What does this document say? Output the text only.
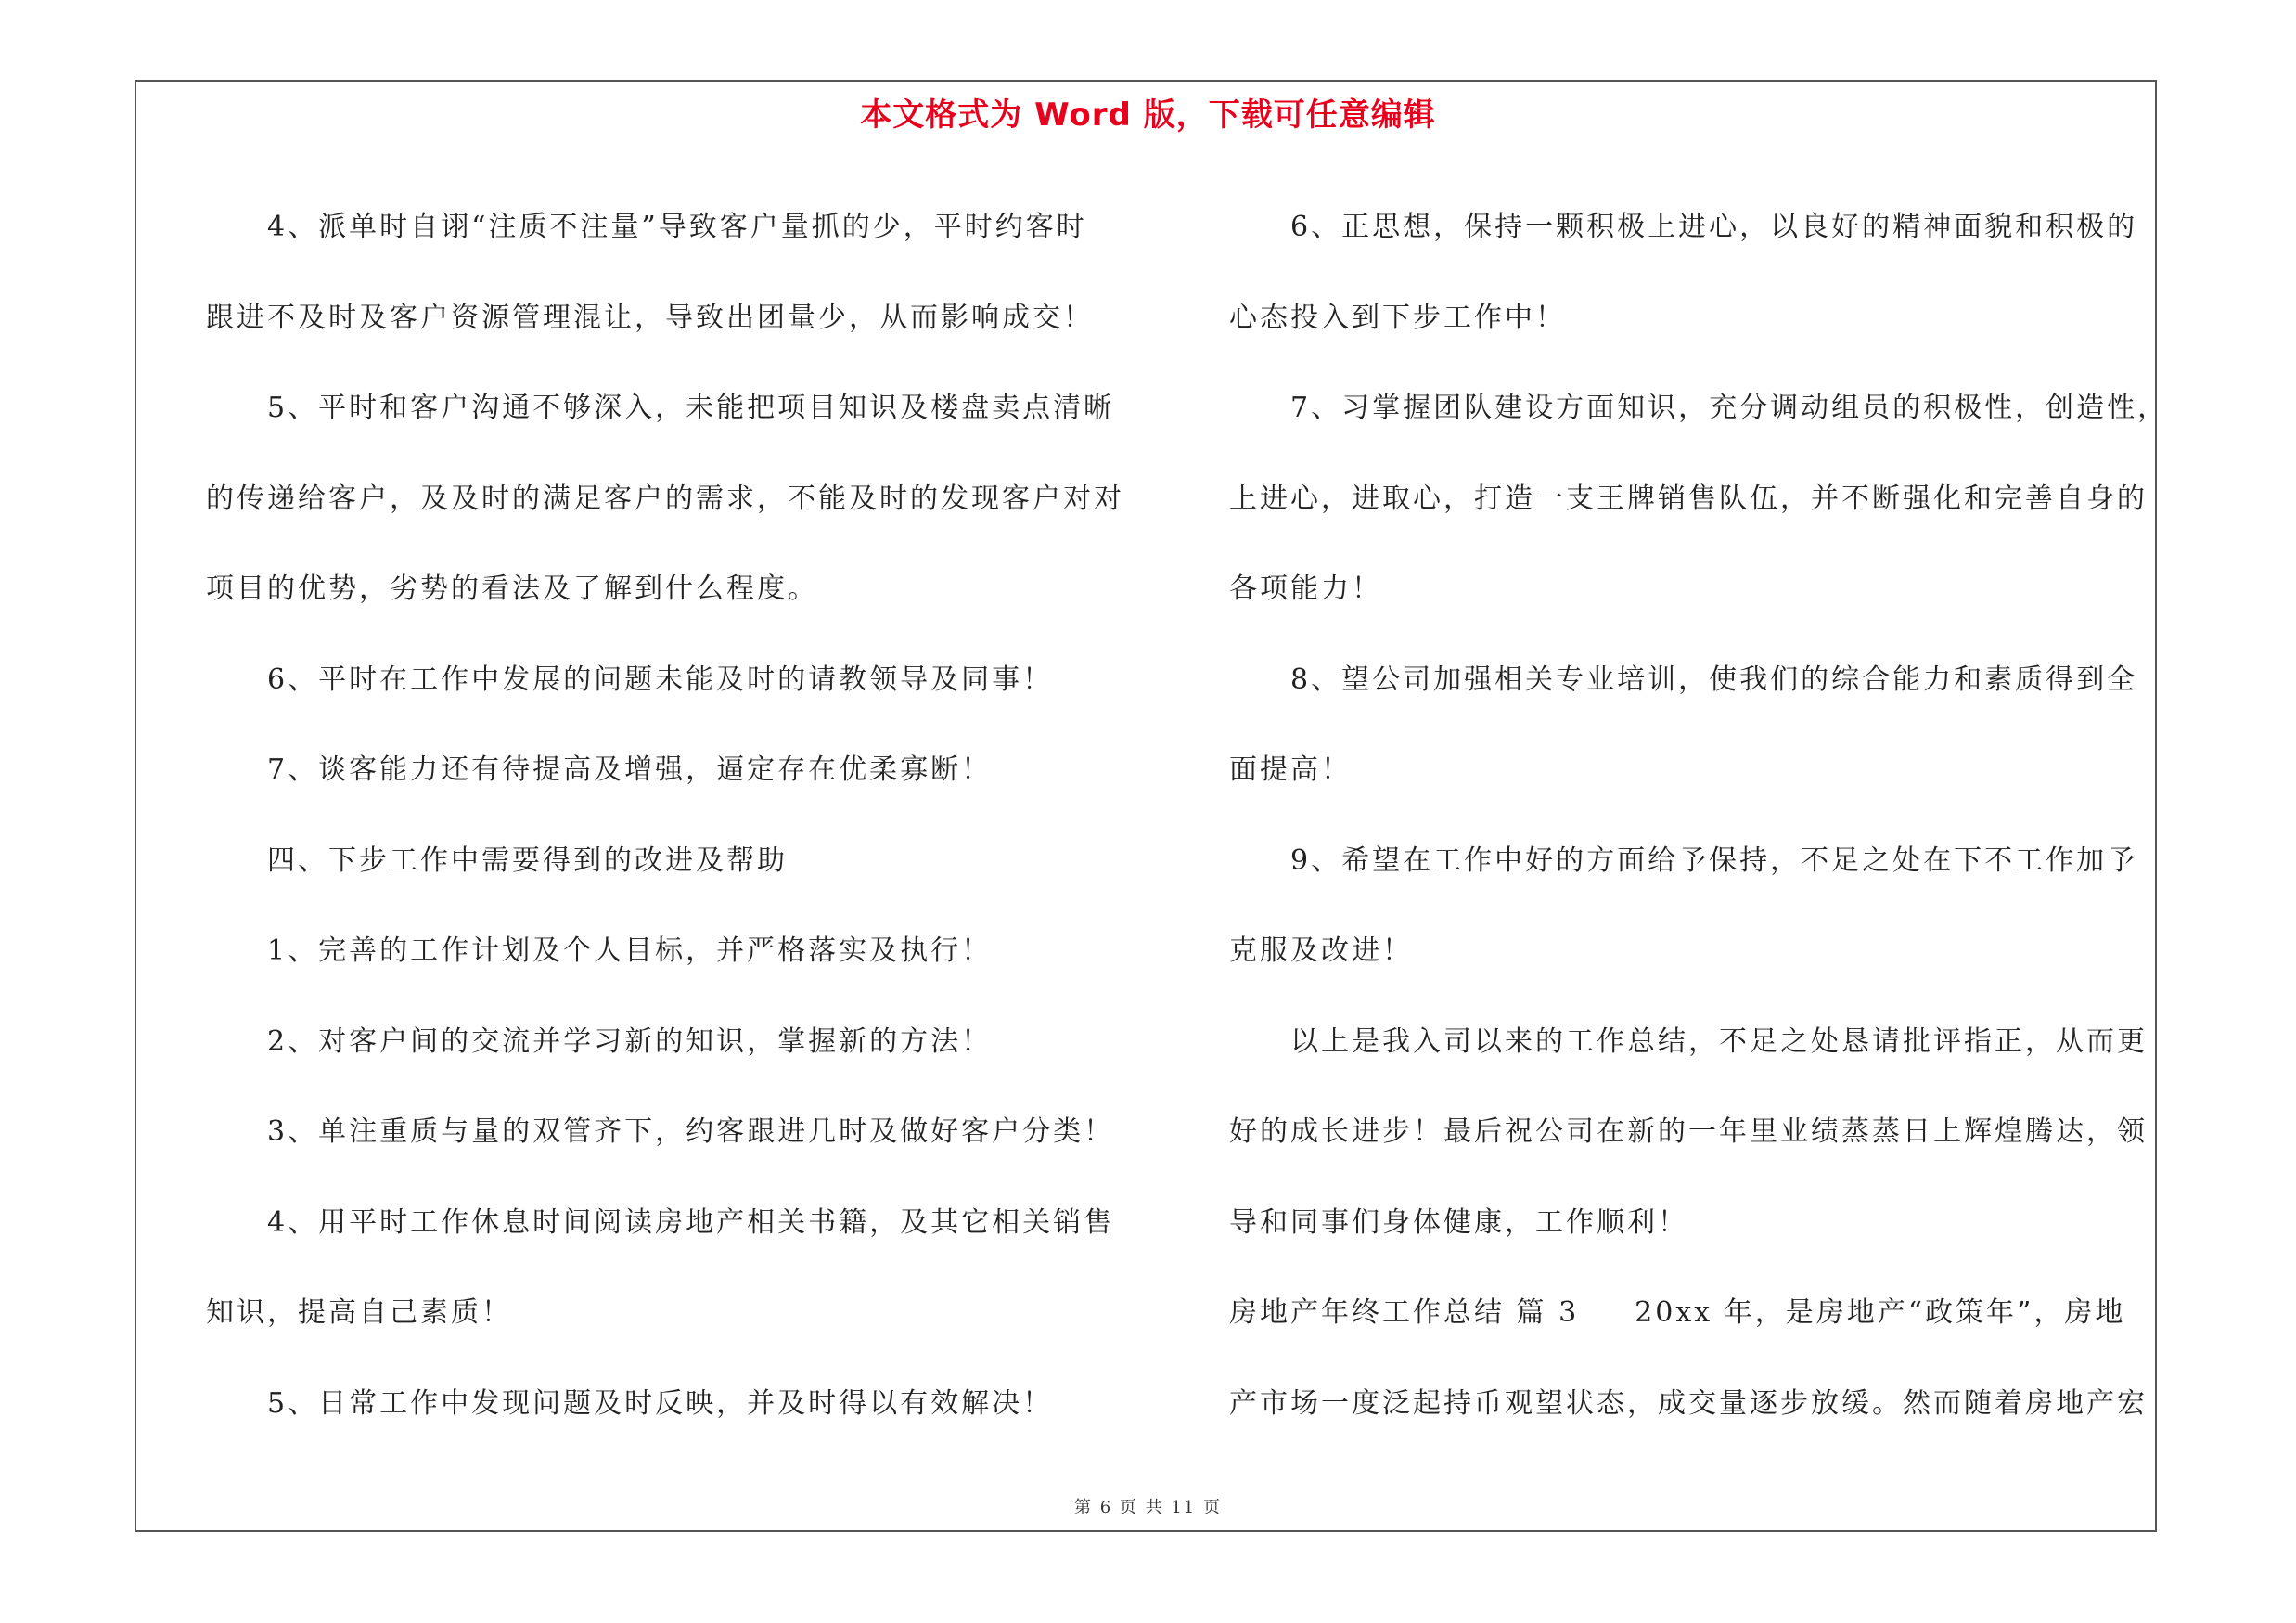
本文格式为 Word 版，下载可任意编辑

4、派单时自诩“注质不注量”导致客户量抓的少，平时约客时

跟进不及时及客户资源管理混让，导致出团量少，从而影响成交！

5、平时和客户沟通不够深入，未能把项目知识及楼盘卖点清晰

的传递给客户，及及时的满足客户的需求，不能及时的发现客户对对

项目的优势，劣势的看法及了解到什么程度。

6、平时在工作中发展的问题未能及时的请教领导及同事！

7、谈客能力还有待提高及增强，逼定存在优柔寡断！

四、下步工作中需要得到的改进及帮助

1、完善的工作计划及个人目标，并严格落实及执行！

2、对客户间的交流并学习新的知识，掌握新的方法！

3、单注重质与量的双管齐下，约客跟进几时及做好客户分类！

4、用平时工作休息时间阅读房地产相关书籍，及其它相关销售

知识，提高自己素质！

5、日常工作中发现问题及时反映，并及时得以有效解决！

6、正思想，保持一颗积极上进心，以良好的精神面貌和积极的

心态投入到下步工作中！

7、习掌握团队建设方面知识，充分调动组员的积极性，创造性，

上进心，进取心，打造一支王牌销售队伍，并不断强化和完善自身的

各项能力！

8、望公司加强相关专业培训，使我们的综合能力和素质得到全

面提高！

9、希望在工作中好的方面给予保持，不足之处在下不工作加予

克服及改进！

以上是我入司以来的工作总结，不足之处恳请批评指正，从而更

好的成长进步！最后祝公司在新的一年里业绩蒸蒸日上辉煌腾达，领

导和同事们身体健康，工作顺利！

房地产年终工作总结 篇 3 20xx 年，是房地产“政策年”，房地

产市场一度泛起持币观望状态，成交量逐步放缓。然而随着房地产宏

第 6 页 共 11 页
